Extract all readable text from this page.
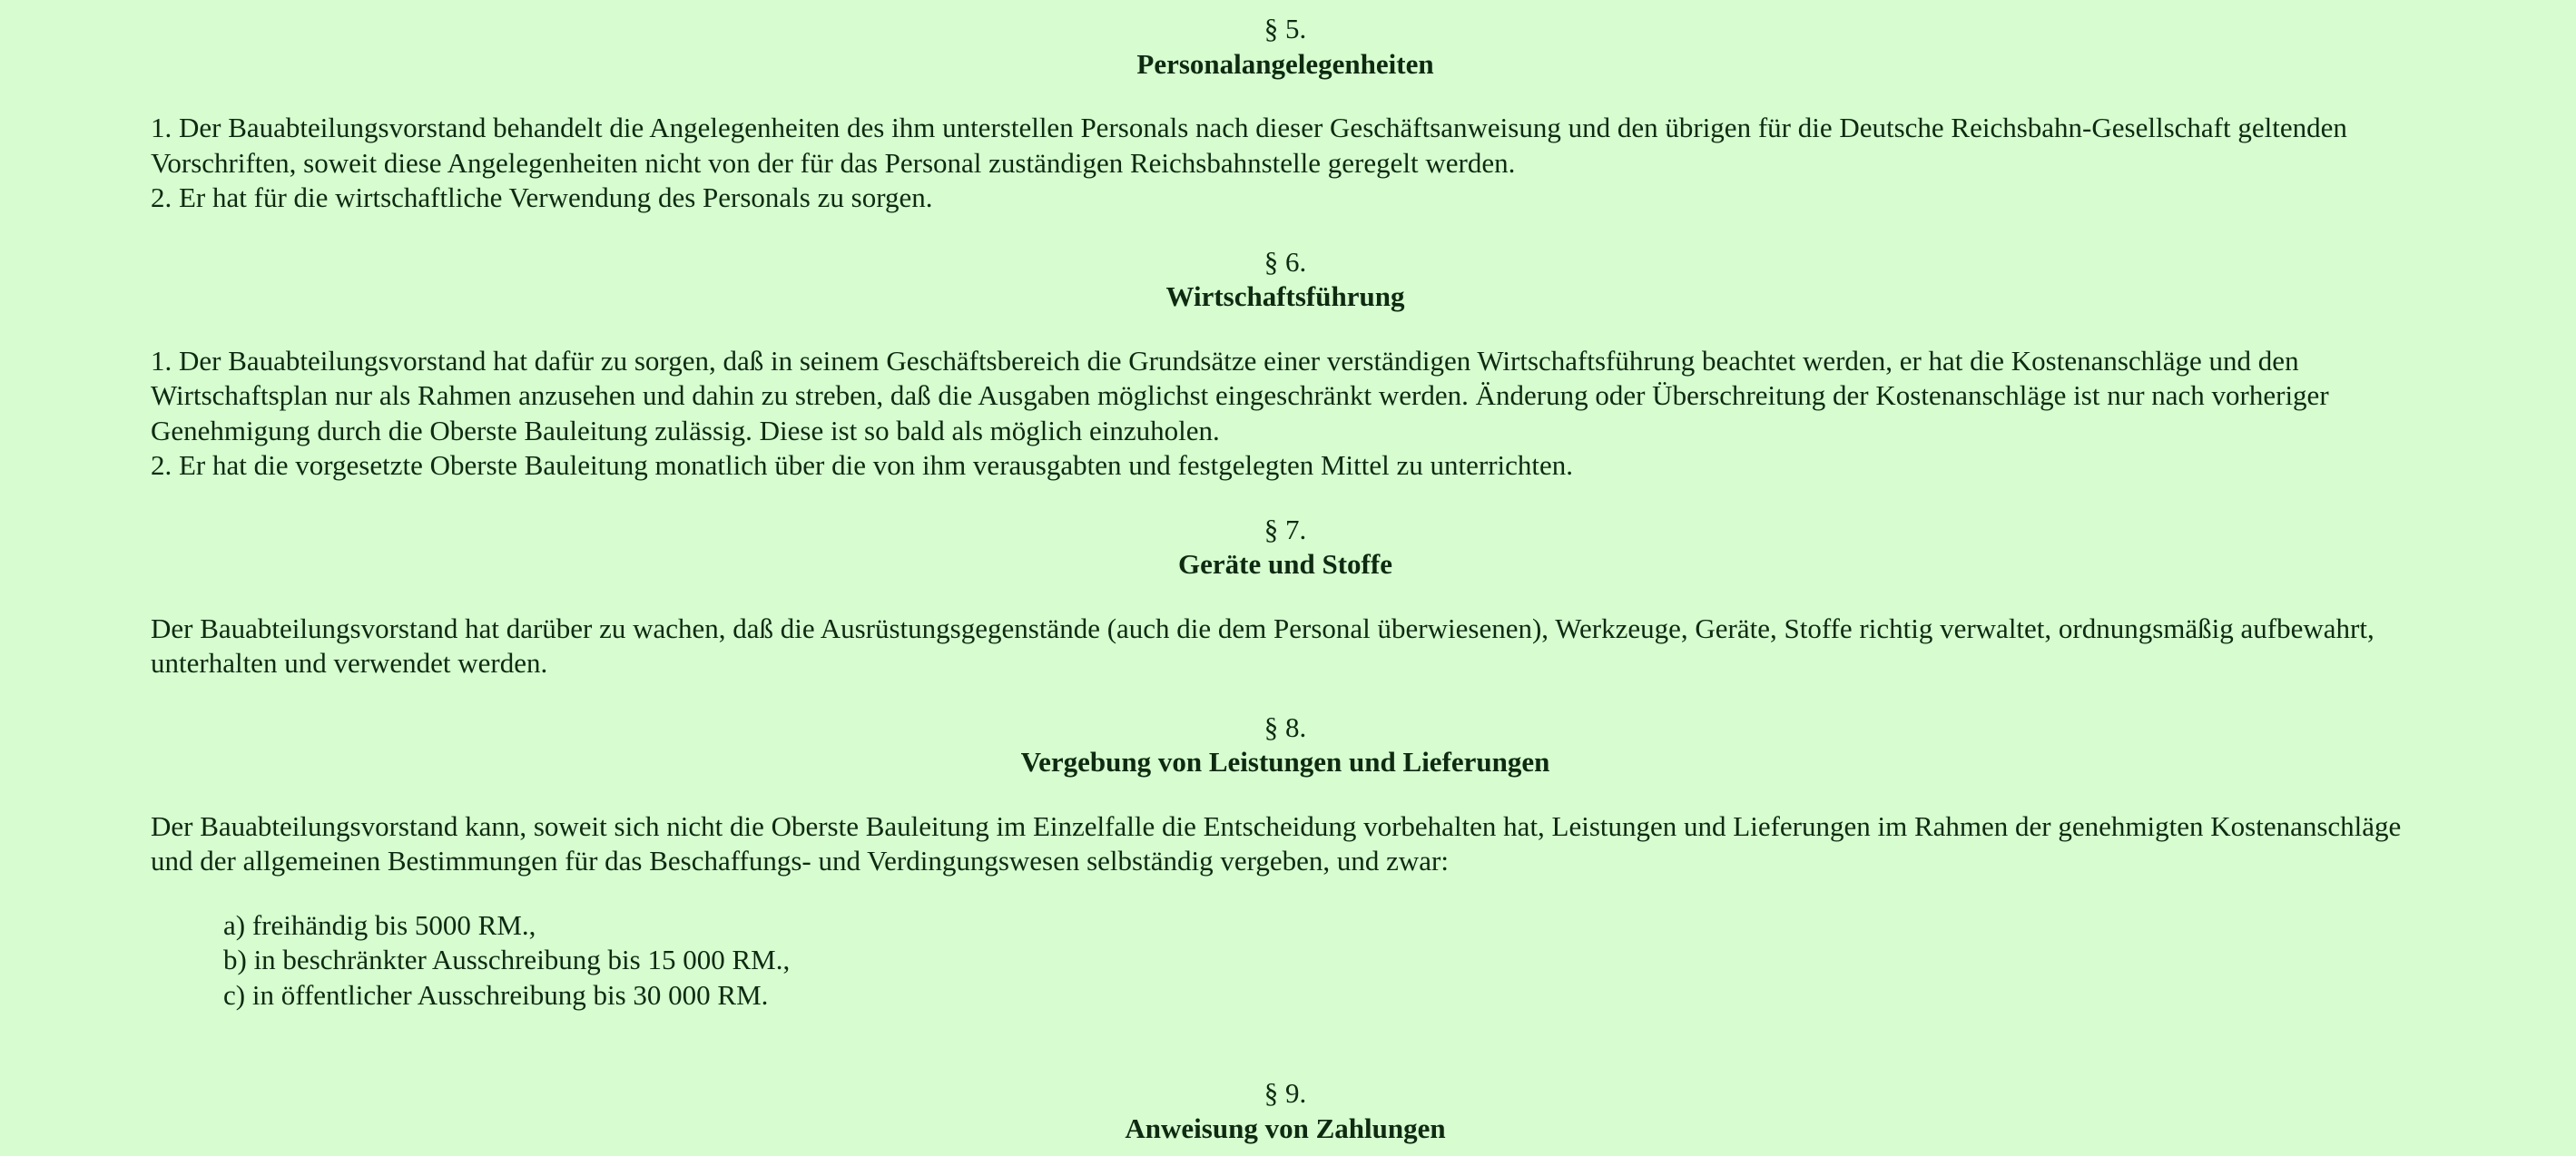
§ 5.

Personalangelegenheiten

1. Der Bauabteilungsvorstand behandelt die Angelegenheiten des ihm unterstellen Personals nach dieser Geschäftsanweisung und den übrigen für die Deutsche Reichsbahn-Gesellschaft geltenden Vorschriften, soweit diese Angelegenheiten nicht von der für das Personal zuständigen Reichsbahnstelle geregelt werden.

2. Er hat für die wirtschaftliche Verwendung des Personals zu sorgen.

§ 6.

Wirtschaftsführung

1. Der Bauabteilungsvorstand hat dafür zu sorgen, daß in seinem Geschäftsbereich die Grundsätze einer verständigen Wirtschaftsführung beachtet werden, er hat die Kostenanschläge und den Wirtschaftsplan nur als Rahmen anzusehen und dahin zu streben, daß die Ausgaben möglichst eingeschränkt werden. Änderung oder Überschreitung der Kostenanschläge ist nur nach vorheriger Genehmigung durch die Oberste Bauleitung zulässig. Diese ist so bald als möglich einzuholen.

2. Er hat die vorgesetzte Oberste Bauleitung monatlich über die von ihm verausgabten und festgelegten Mittel zu unterrichten.

§ 7.

Geräte und Stoffe

Der Bauabteilungsvorstand hat darüber zu wachen, daß die Ausrüstungsgegenstände (auch die dem Personal überwiesenen), Werkzeuge, Geräte, Stoffe richtig verwaltet, ordnungsmäßig aufbewahrt, unterhalten und verwendet werden.

§ 8.

Vergebung von Leistungen und Lieferungen

Der Bauabteilungsvorstand kann, soweit sich nicht die Oberste Bauleitung im Einzelfalle die Entscheidung vorbehalten hat, Leistungen und Lieferungen im Rahmen der genehmigten Kostenanschläge und der allgemeinen Bestimmungen für das Beschaffungs- und Verdingungswesen selbständig vergeben, und zwar:

a) freihändig bis 5000 RM.,

b) in beschränkter Ausschreibung bis 15 000 RM.,

c) in öffentlicher Ausschreibung bis 30 000 RM.

§ 9.

Anweisung von Zahlungen
